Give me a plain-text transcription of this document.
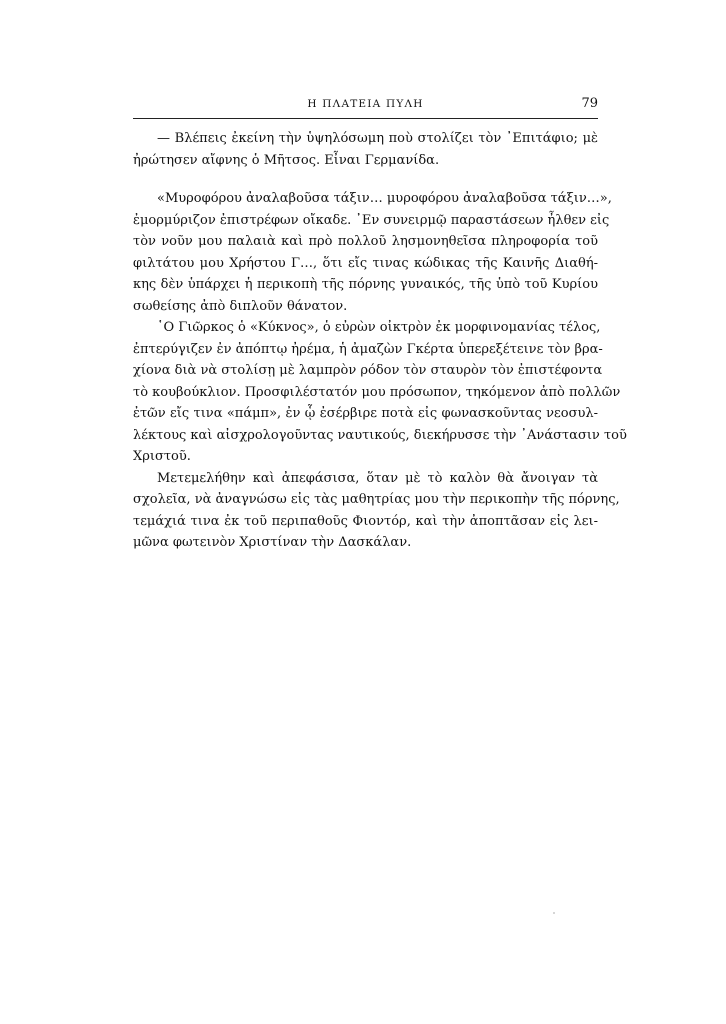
Η ΠΛΑΤΕΙΑ ΠΥΛΗ	79

— Βλέπεις ἐκείνη τὴν ὑψηλόσωμη ποὺ στολίζει τὸν ᾿Επιτάφιο; μὲ
ἠρώτησεν αἴφνης ὁ Μῆτσος. Εἶναι Γερμανίδα.

«Μυροφόρου ἀναλαβοῦσα τάξιν… μυροφόρου ἀναλαβοῦσα τάξιν…»,
ἐμορμύριζον ἐπιστρέφων οἴκαδε. ᾿Εν συνειρμῷ παραστάσεων ἦλθεν εἰς
τὸν νοῦν μου παλαιὰ καὶ πρὸ πολλοῦ λησμονηθεῖσα πληροφορία τοῦ
φιλτάτου μου Χρήστου Γ…, ὅτι εἴς τινας κώδικας τῆς Καινῆς Διαθή-
κης δὲν ὑπάρχει ἡ περικοπὴ τῆς πόρνης γυναικός, τῆς ὑπὸ τοῦ Κυρίου
σωθείσης ἀπὸ διπλοῦν θάνατον.

῾Ο Γιῶρκος ὁ «Κύκνος», ὁ εὐρὼν οἰκτρὸν ἐκ μορφινομανίας τέλος,
ἐπτερύγιζεν ἐν ἀπόπτῳ ἠρέμα, ἡ ἀμαζὼν Γκέρτα ὑπερεξέτεινε τὸν βρα-
χίονα διὰ νὰ στολίσῃ μὲ λαμπρὸν ρόδον τὸν σταυρὸν τὸν ἐπιστέφοντα
τὸ κουβούκλιον. Προσφιλέστατόν μου πρόσωπον, τηκόμενον ἀπὸ πολλῶν
ἐτῶν εἴς τινα «πάμπ», ἐν ᾧ ἐσέρβιρε ποτὰ εἰς φωνασκοῦντας νεοσυλ-
λέκτους καὶ αἰσχρολογοῦντας ναυτικούς, διεκήρυσσε τὴν ᾿Ανάστασιν τοῦ
Χριστοῦ.

Μετεμελήθην καὶ ἀπεφάσισα, ὅταν μὲ τὸ καλὸν θὰ ἄνοιγαν τὰ
σχολεῖα, νὰ ἀναγνώσω εἰς τὰς μαθητρίας μου τὴν περικοπὴν τῆς πόρνης,
τεμάχιά τινα ἐκ τοῦ περιπαθοῦς Φιοντόρ, καὶ τὴν ἀποπτᾶσαν εἰς λει-
μῶνα φωτεινὸν Χριστίναν τὴν Δασκάλαν.
